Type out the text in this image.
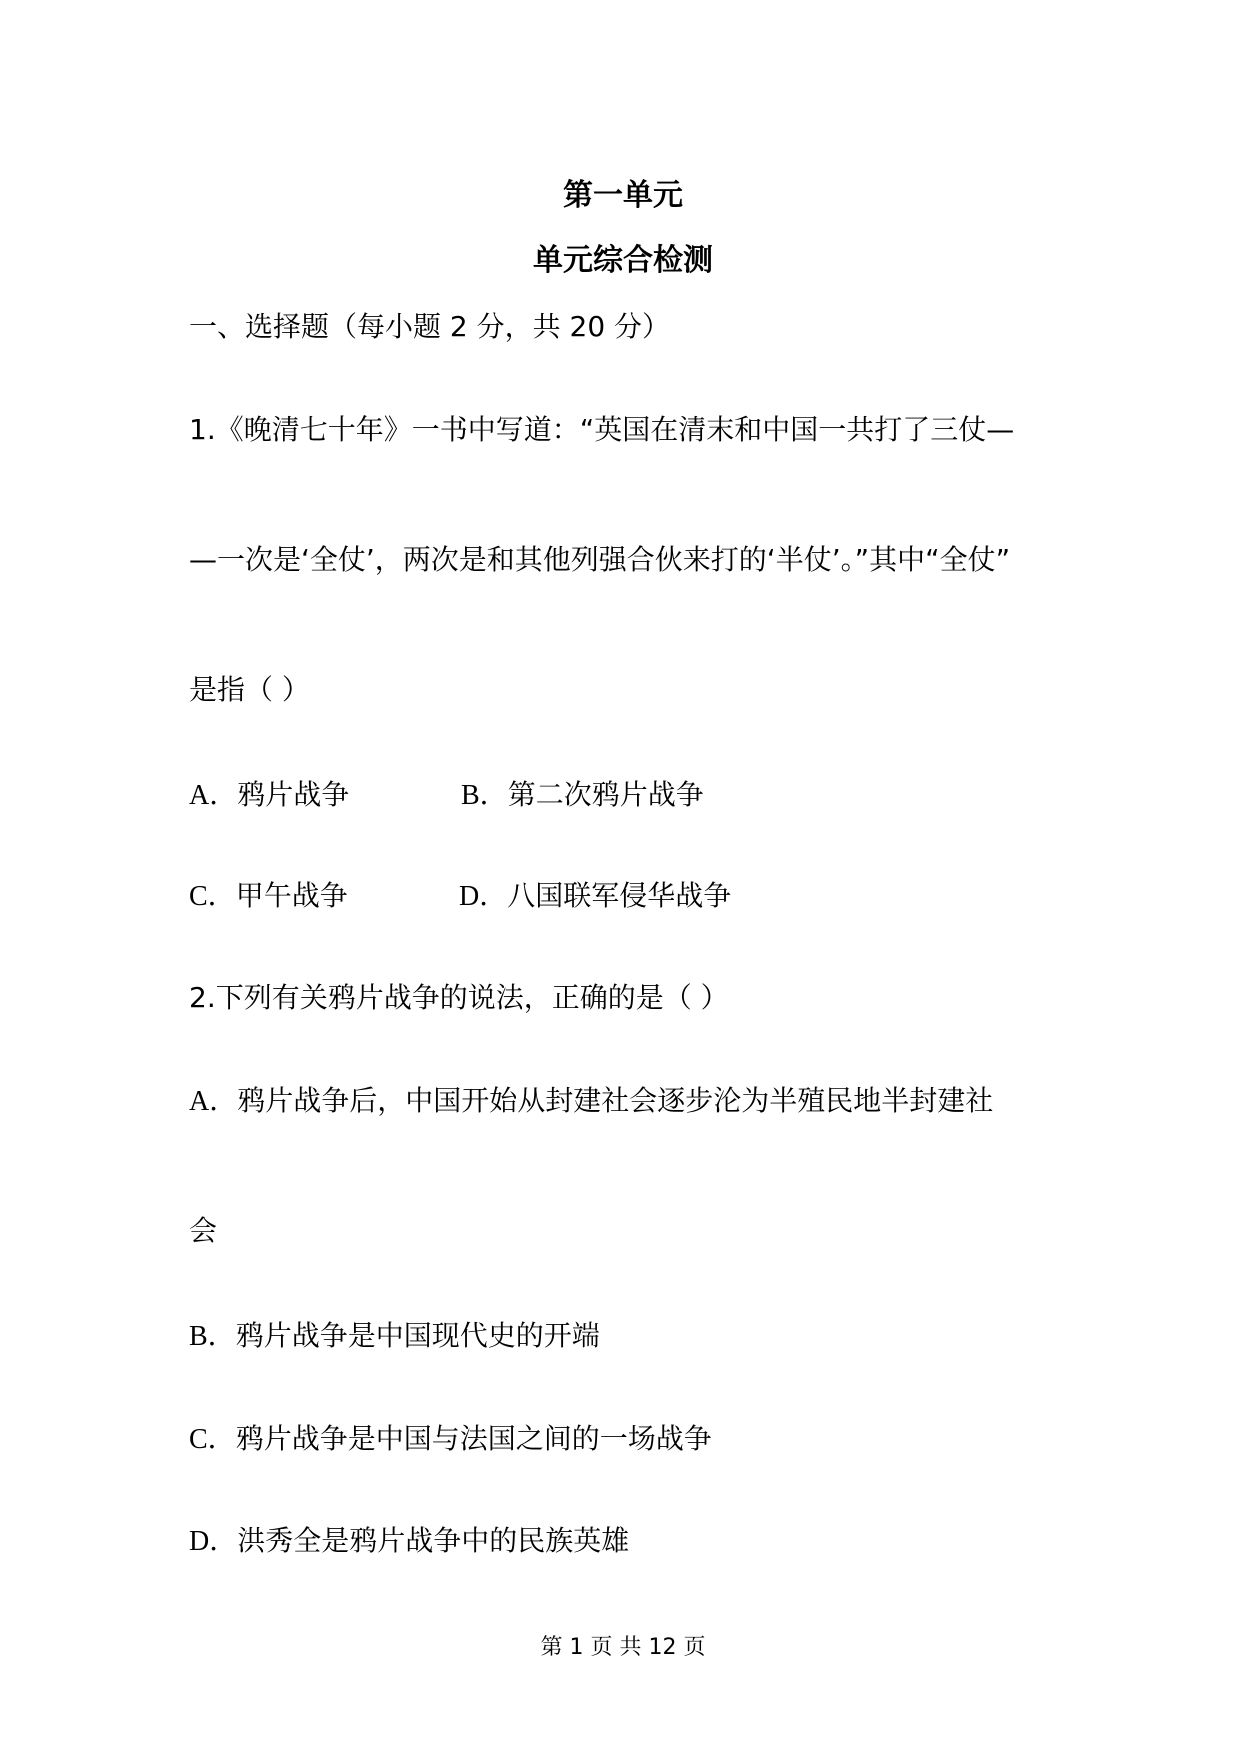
第一单元
单元综合检测
一、选择题（每小题 2 分，共 20 分）
1.《晚清七十年》一书中写道：“英国在清末和中国一共打了三仗—
—一次是‘全仗’，两次是和其他列强合伙来打的‘半仗’。”其中“全仗”
是指（ ）
A．鸦片战争	B．第二次鸦片战争
C．甲午战争	D．八国联军侵华战争
2.下列有关鸦片战争的说法，正确的是（ ）
A．鸦片战争后，中国开始从封建社会逐步沦为半殖民地半封建社
会
B．鸦片战争是中国现代史的开端
C．鸦片战争是中国与法国之间的一场战争
D．洪秀全是鸦片战争中的民族英雄
第 1 页 共 12 页
